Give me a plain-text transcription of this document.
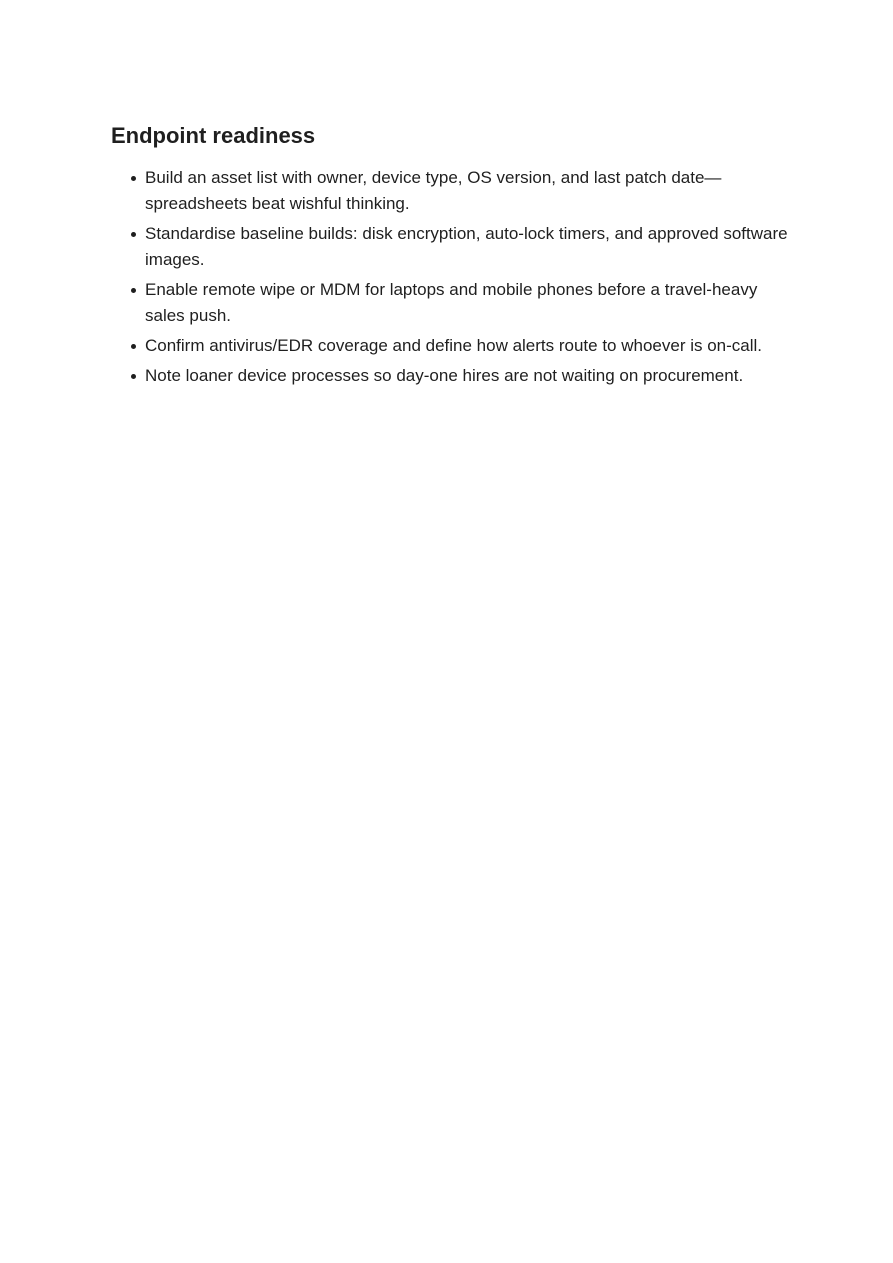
Endpoint readiness
Build an asset list with owner, device type, OS version, and last patch date—spreadsheets beat wishful thinking.
Standardise baseline builds: disk encryption, auto-lock timers, and approved software images.
Enable remote wipe or MDM for laptops and mobile phones before a travel-heavy sales push.
Confirm antivirus/EDR coverage and define how alerts route to whoever is on-call.
Note loaner device processes so day-one hires are not waiting on procurement.
